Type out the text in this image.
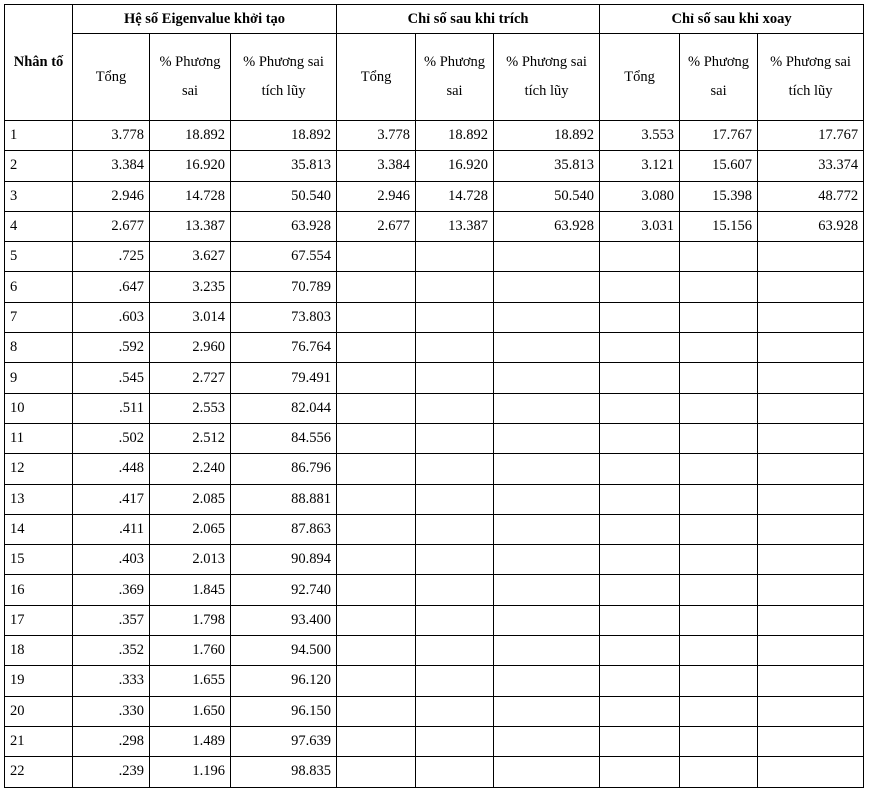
Nhân tố	Hệ số Eigenvalue khởi tạo			Chỉ số sau khi trích			Chỉ số sau khi xoay		
	Tổng	% Phương sai	% Phương sai tích lũy	Tổng	% Phương sai	% Phương sai tích lũy	Tổng	% Phương sai	% Phương sai tích lũy
1	3.778	18.892	18.892	3.778	18.892	18.892	3.553	17.767	17.767
2	3.384	16.920	35.813	3.384	16.920	35.813	3.121	15.607	33.374
3	2.946	14.728	50.540	2.946	14.728	50.540	3.080	15.398	48.772
4	2.677	13.387	63.928	2.677	13.387	63.928	3.031	15.156	63.928
5	.725	3.627	67.554						
6	.647	3.235	70.789						
7	.603	3.014	73.803						
8	.592	2.960	76.764						
9	.545	2.727	79.491						
10	.511	2.553	82.044						
11	.502	2.512	84.556						
12	.448	2.240	86.796						
13	.417	2.085	88.881						
14	.411	2.065	87.863						
15	.403	2.013	90.894						
16	.369	1.845	92.740						
17	.357	1.798	93.400						
18	.352	1.760	94.500						
19	.333	1.655	96.120						
20	.330	1.650	96.150						
21	.298	1.489	97.639						
22	.239	1.196	98.835						
